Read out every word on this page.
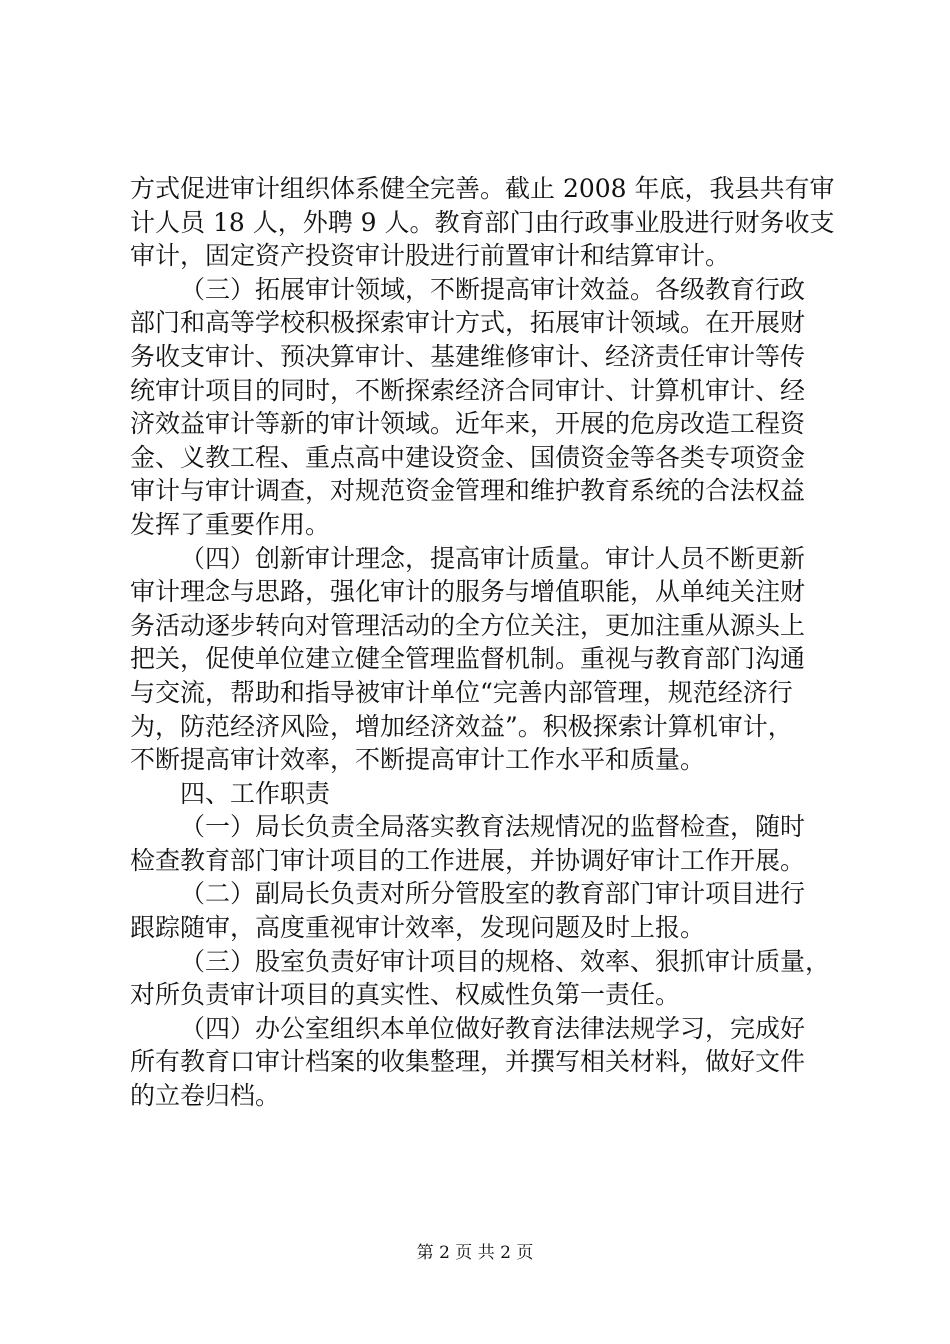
方式促进审计组织体系健全完善。截止 2008 年底，我县共有审
计人员 18 人，外聘 9 人。教育部门由行政事业股进行财务收支
审计，固定资产投资审计股进行前置审计和结算审计。
（三）拓展审计领域，不断提高审计效益。各级教育行政
部门和高等学校积极探索审计方式，拓展审计领域。在开展财
务收支审计、预决算审计、基建维修审计、经济责任审计等传
统审计项目的同时，不断探索经济合同审计、计算机审计、经
济效益审计等新的审计领域。近年来，开展的危房改造工程资
金、义教工程、重点高中建设资金、国债资金等各类专项资金
审计与审计调查，对规范资金管理和维护教育系统的合法权益
发挥了重要作用。
（四）创新审计理念，提高审计质量。审计人员不断更新
审计理念与思路，强化审计的服务与增值职能，从单纯关注财
务活动逐步转向对管理活动的全方位关注，更加注重从源头上
把关，促使单位建立健全管理监督机制。重视与教育部门沟通
与交流，帮助和指导被审计单位“完善内部管理，规范经济行
为，防范经济风险，增加经济效益”。积极探索计算机审计，
不断提高审计效率，不断提高审计工作水平和质量。
四、工作职责
（一）局长负责全局落实教育法规情况的监督检查，随时
检查教育部门审计项目的工作进展，并协调好审计工作开展。
（二）副局长负责对所分管股室的教育部门审计项目进行
跟踪随审，高度重视审计效率，发现问题及时上报。
（三）股室负责好审计项目的规格、效率、狠抓审计质量，
对所负责审计项目的真实性、权威性负第一责任。
（四）办公室组织本单位做好教育法律法规学习，完成好
所有教育口审计档案的收集整理，并撰写相关材料，做好文件
的立卷归档。
第 2 页 共 2 页
